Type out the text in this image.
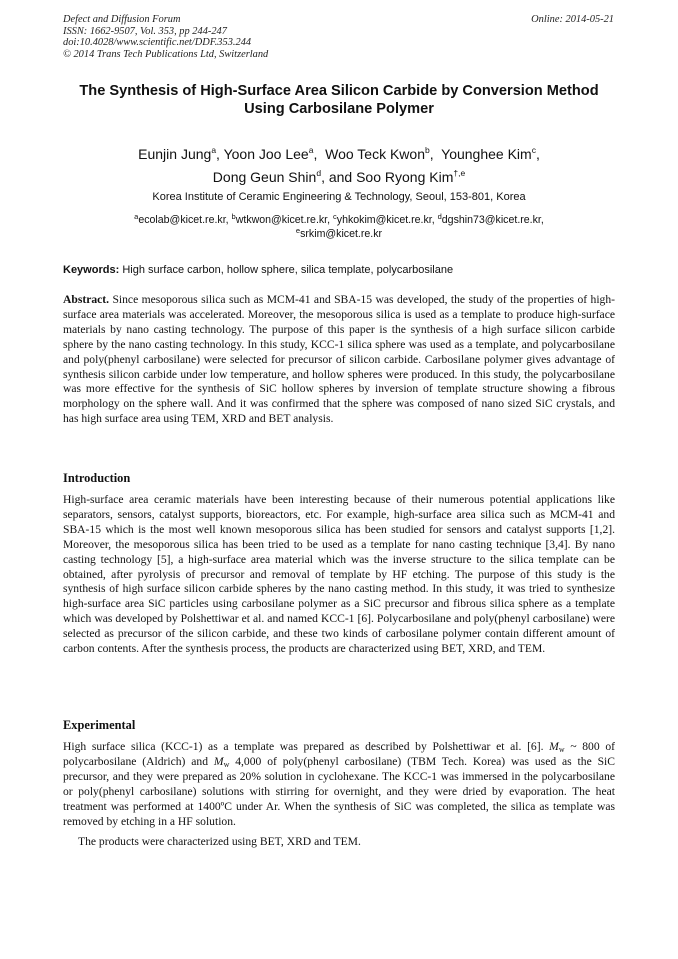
Defect and Diffusion Forum
ISSN: 1662-9507, Vol. 353, pp 244-247
doi:10.4028/www.scientific.net/DDF.353.244
© 2014 Trans Tech Publications Ltd, Switzerland
Online: 2014-05-21
The Synthesis of High-Surface Area Silicon Carbide by Conversion Method Using Carbosilane Polymer
Eunjin Jung$^a$, Yoon Joo Lee$^a$,  Woo Teck Kwon$^b$,  Younghee Kim$^c$,
Dong Geun Shin$^d$, and Soo Ryong Kim$^{\dagger,e}$
Korea Institute of Ceramic Engineering & Technology, Seoul, 153-801, Korea
$^a$ecolab@kicet.re.kr, $^b$wtkwon@kicet.re.kr, $^c$yhkokim@kicet.re.kr, $^d$dgshin73@kicet.re.kr,
$^e$srkim@kicet.re.kr
Keywords: High surface carbon, hollow sphere, silica template, polycarbosilane
Abstract. Since mesoporous silica such as MCM-41 and SBA-15 was developed, the study of the properties of high-surface area materials was accelerated. Moreover, the mesoporous silica is used as a template to produce high-surface materials by nano casting technology. The purpose of this paper is the synthesis of a high surface silicon carbide sphere by the nano casting technology. In this study, KCC-1 silica sphere was used as a template, and polycarbosilane and poly(phenyl carbosilane) were selected for precursor of silicon carbide. Carbosilane polymer gives advantage of synthesis silicon carbide under low temperature, and hollow spheres were produced. In this study, the polycarbosilane was more effective for the synthesis of SiC hollow spheres by inversion of template structure showing a fibrous morphology on the sphere wall. And it was confirmed that the sphere was composed of nano sized SiC crystals, and has high surface area using TEM, XRD and BET analysis.
Introduction
High-surface area ceramic materials have been interesting because of their numerous potential applications like separators, sensors, catalyst supports, bioreactors, etc. For example, high-surface area silica such as MCM-41 and SBA-15 which is the most well known mesoporous silica has been studied for sensors and catalyst supports [1,2]. Moreover, the mesoporous silica has been tried to be used as a template for nano casting technique [3,4]. By nano casting technology [5], a high-surface area material which was the inverse structure to the silica template can be obtained, after pyrolysis of precursor and removal of template by HF etching. The purpose of this study is the synthesis of high surface silicon carbide spheres by the nano casting method. In this study, it was tried to synthesize high-surface area SiC particles using carbosilane polymer as a SiC precursor and fibrous silica sphere as a template which was developed by Polshettiwar et al. and named KCC-1 [6]. Polycarbosilane and poly(phenyl carbosilane) were selected as precursor of the silicon carbide, and these two kinds of carbosilane polymer contain different amount of carbon contents. After the synthesis process, the products are characterized using BET, XRD, and TEM.
Experimental
High surface silica (KCC-1) as a template was prepared as described by Polshettiwar et al. [6]. $M_w$ ~ 800 of polycarbosilane (Aldrich) and $M_w$ 4,000 of poly(phenyl carbosilane) (TBM Tech. Korea) was used as the SiC precursor, and they were prepared as 20% solution in cyclohexane. The KCC-1 was immersed in the polycarbosilane or poly(phenyl carbosilane) solutions with stirring for overnight, and they were dried by evaporation. The heat treatment was performed at 1400ºC under Ar. When the synthesis of SiC was completed, the silica as template was removed by etching in a HF solution.
The products were characterized using BET, XRD and TEM.
